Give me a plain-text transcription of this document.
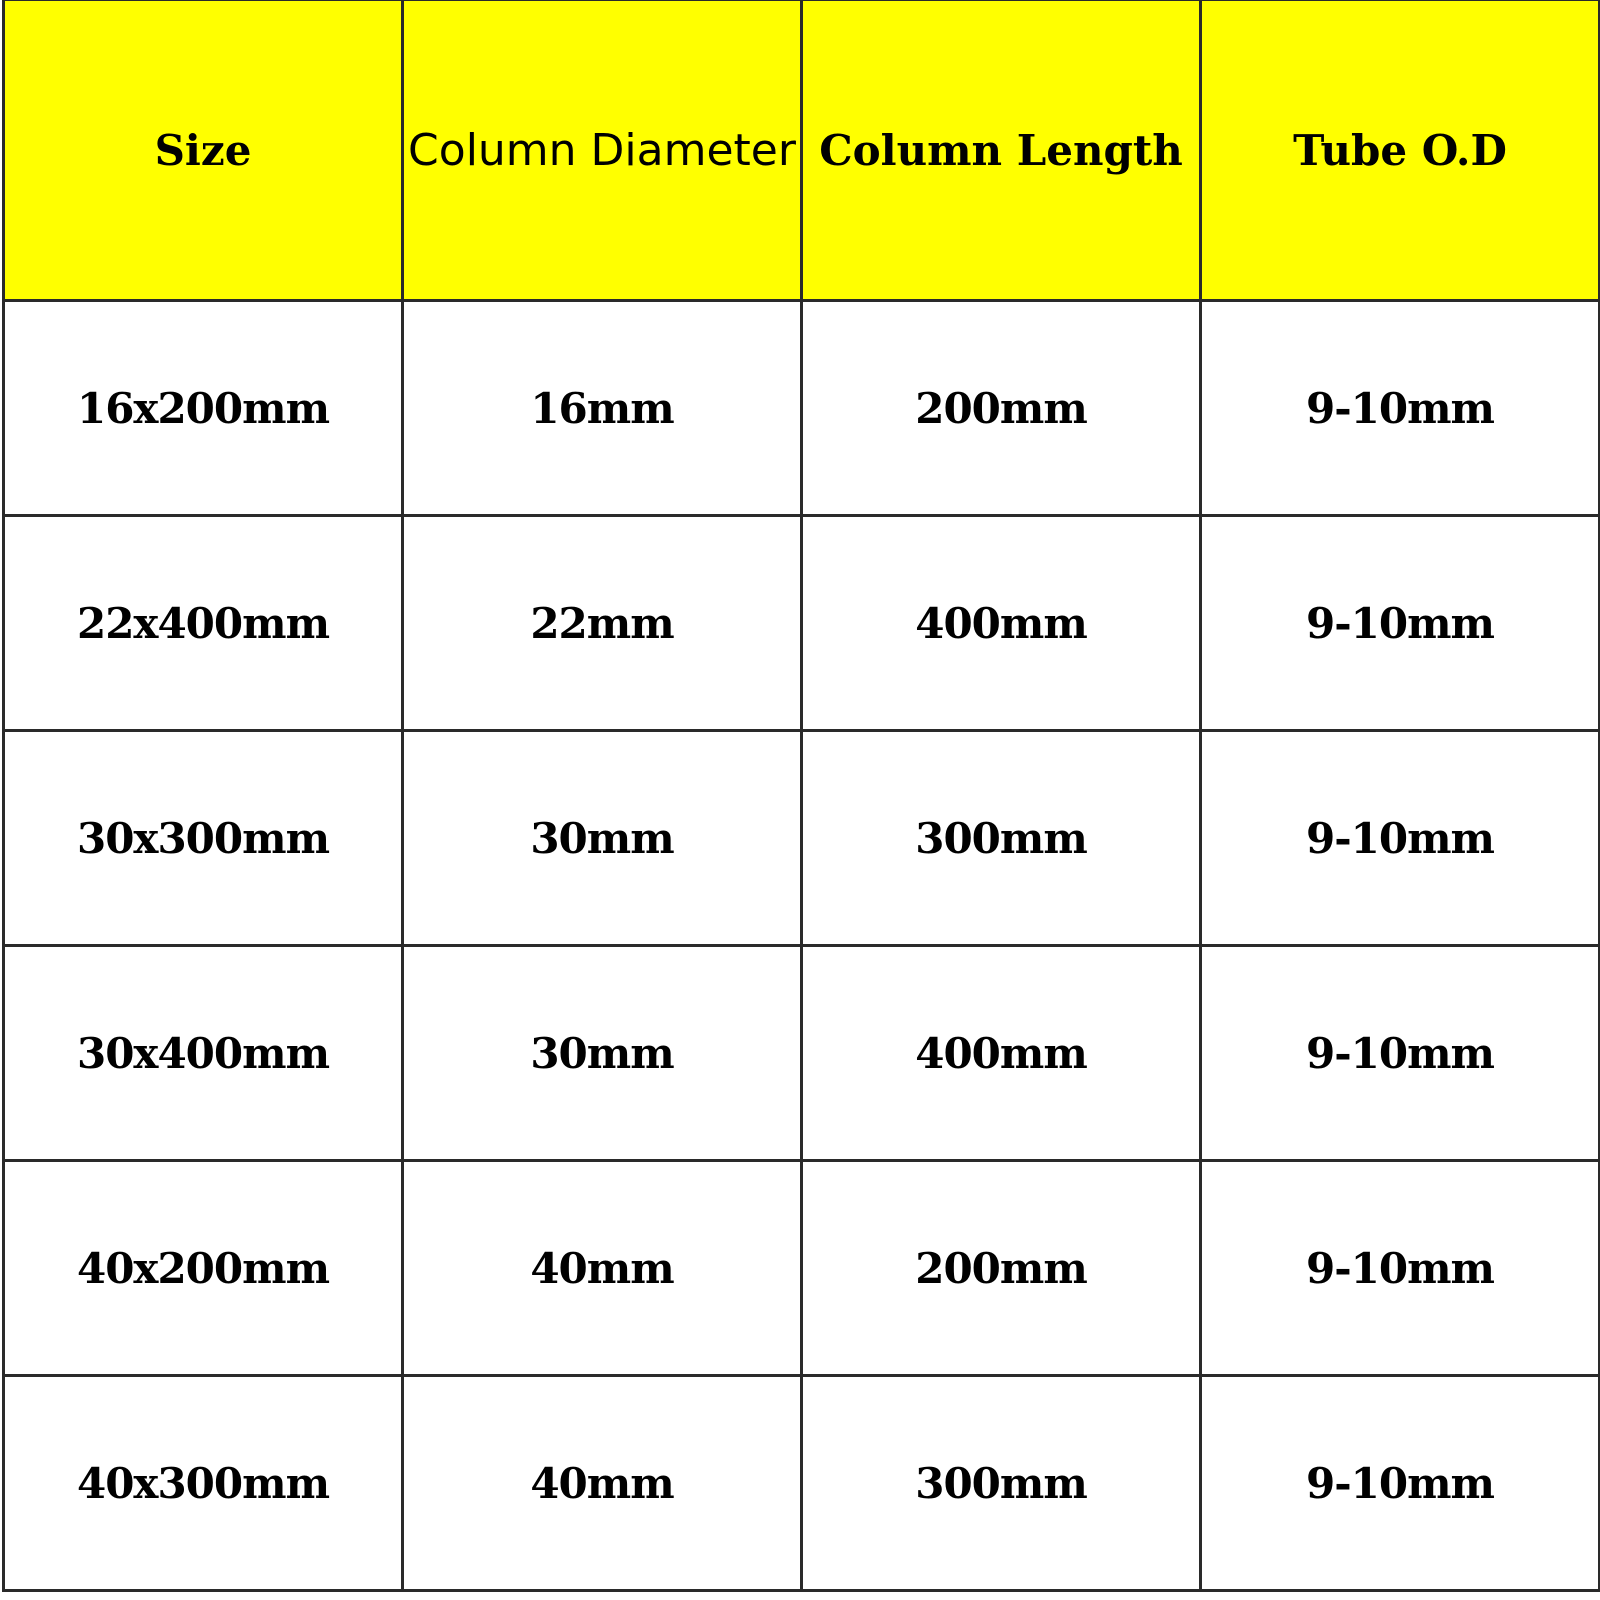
Size	Column Diameter	Column Length	Tube O.D
16x200mm	16mm	200mm	9-10mm
22x400mm	22mm	400mm	9-10mm
30x300mm	30mm	300mm	9-10mm
30x400mm	30mm	400mm	9-10mm
40x200mm	40mm	200mm	9-10mm
40x300mm	40mm	300mm	9-10mm
